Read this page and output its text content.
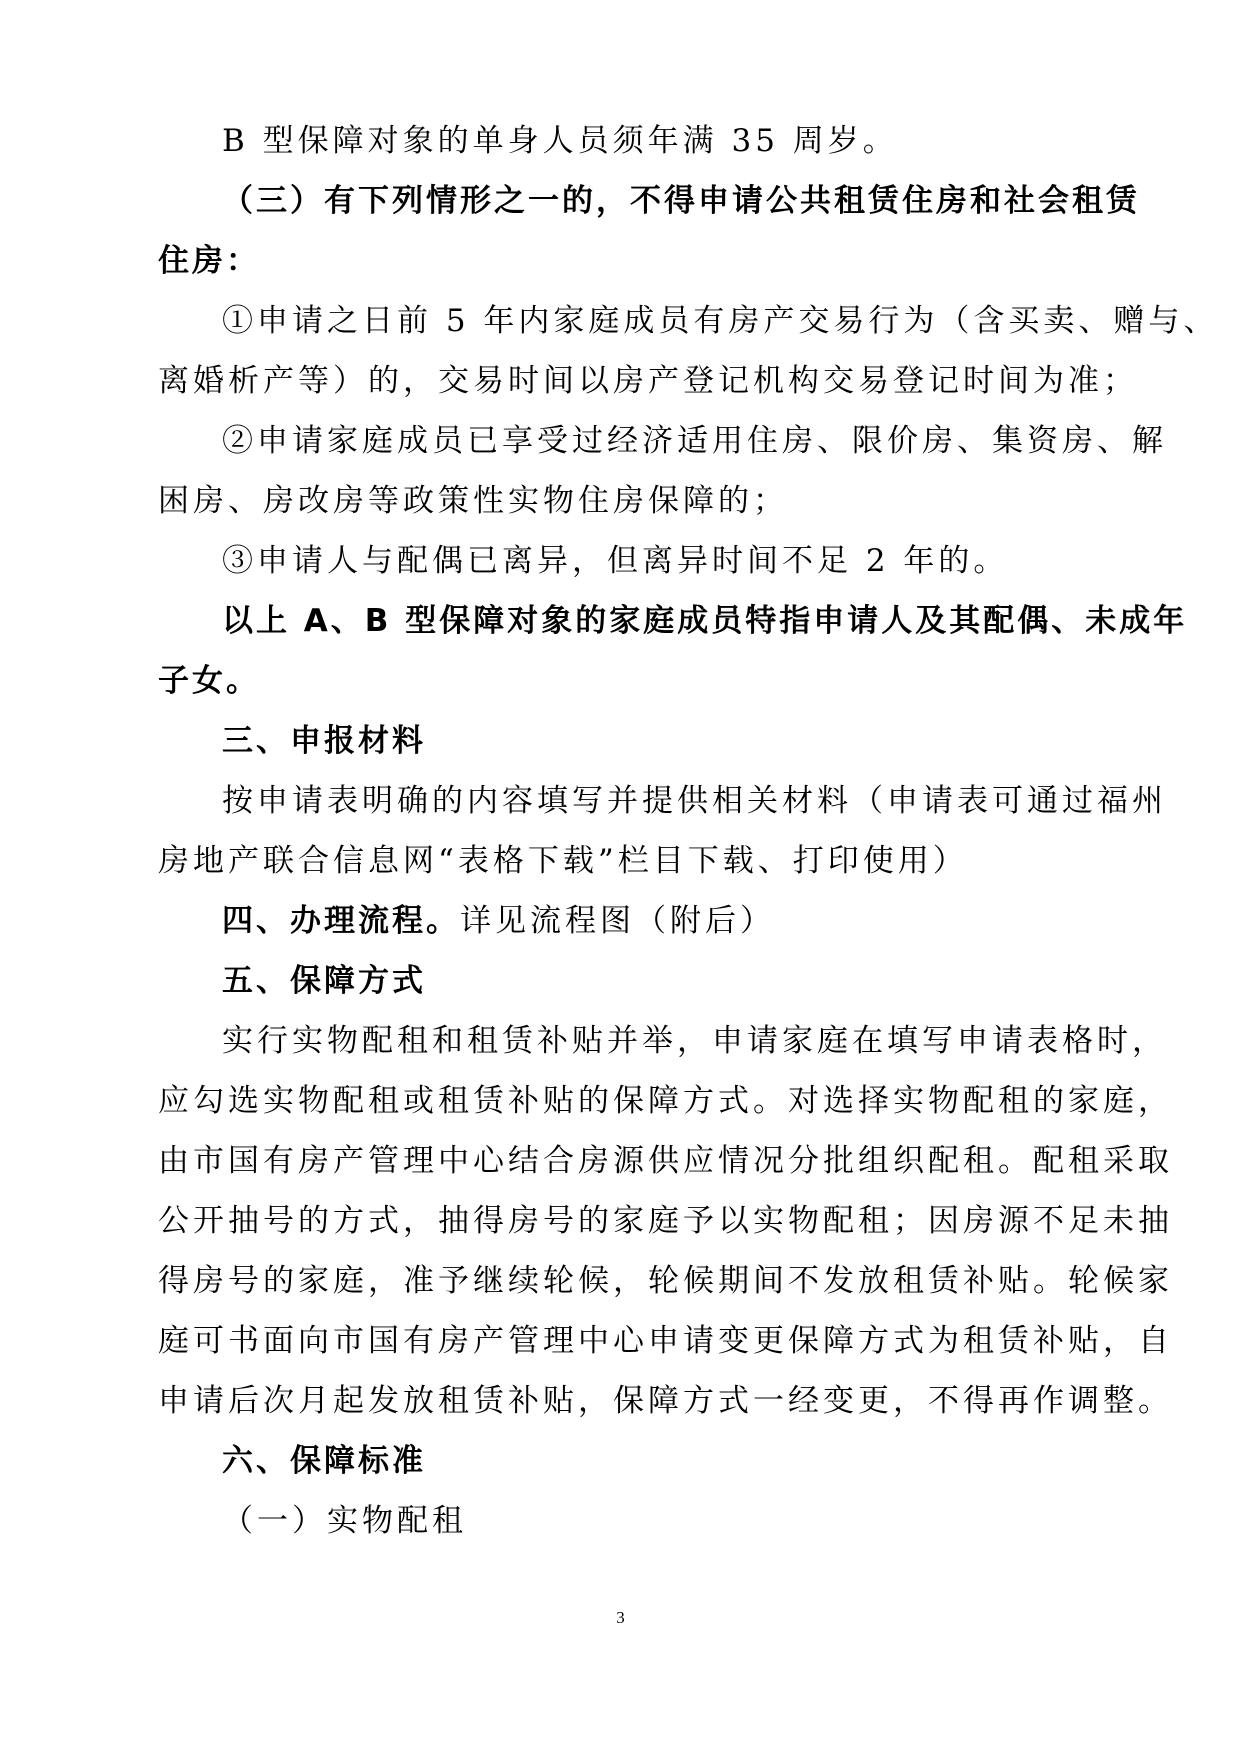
B 型保障对象的单身人员须年满 35 周岁。
（三）有下列情形之一的，不得申请公共租赁住房和社会租赁
住房：
①申请之日前 5 年内家庭成员有房产交易行为（含买卖、赠与、
离婚析产等）的，交易时间以房产登记机构交易登记时间为准；
②申请家庭成员已享受过经济适用住房、限价房、集资房、解
困房、房改房等政策性实物住房保障的；
③申请人与配偶已离异，但离异时间不足 2 年的。
以上 A、B 型保障对象的家庭成员特指申请人及其配偶、未成年
子女。
三、申报材料
按申请表明确的内容填写并提供相关材料（申请表可通过福州
房地产联合信息网“表格下载”栏目下载、打印使用）
四、办理流程。详见流程图（附后）
五、保障方式
实行实物配租和租赁补贴并举，申请家庭在填写申请表格时，
应勾选实物配租或租赁补贴的保障方式。对选择实物配租的家庭，
由市国有房产管理中心结合房源供应情况分批组织配租。配租采取
公开抽号的方式，抽得房号的家庭予以实物配租；因房源不足未抽
得房号的家庭，准予继续轮候，轮候期间不发放租赁补贴。轮候家
庭可书面向市国有房产管理中心申请变更保障方式为租赁补贴，自
申请后次月起发放租赁补贴，保障方式一经变更，不得再作调整。
六、保障标准
（一）实物配租
3
